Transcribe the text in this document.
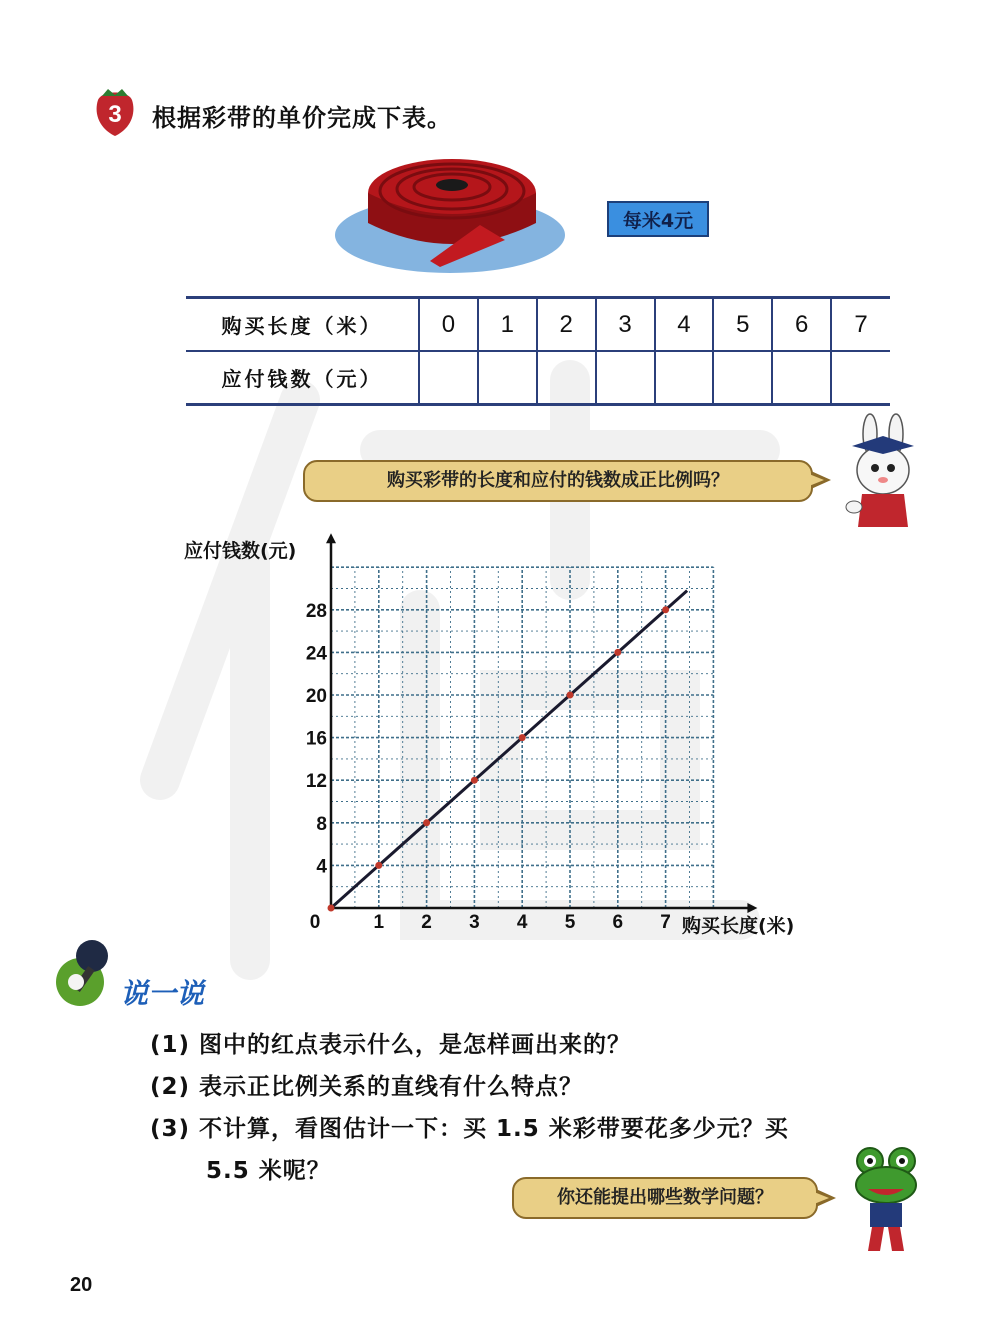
3 根据彩带的单价完成下表。
每米4元
购买长度（米）	0	1	2	3	4	5	6	7
应付钱数（元）								
购买彩带的长度和应付的钱数成正比例吗？
应付钱数(元)
购买长度(米)
0	1 2 3 4 5 6 7
4
8
12
16
20
24
28
说一说
(1) 图中的红点表示什么，是怎样画出来的？
(2) 表示正比例关系的直线有什么特点？
(3) 不计算，看图估计一下：买 1.5 米彩带要花多少元？买
5.5 米呢？
你还能提出哪些数学问题？
20
